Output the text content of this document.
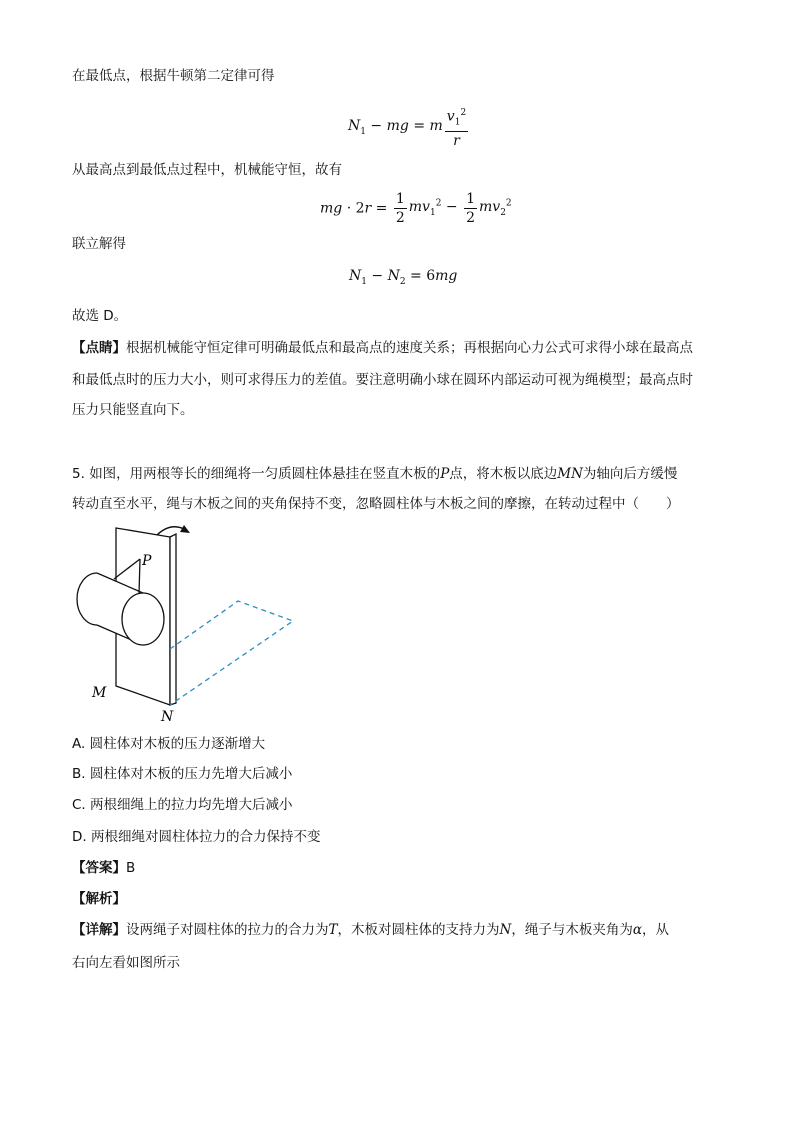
在最低点，根据牛顿第二定律可得
$N_1$ − mg = m $\frac{v_1^2}{r}$
从最高点到最低点过程中，机械能守恒，故有
mg · $2r = \frac{1}{2} mv_1^2 - \frac{1}{2} mv_2^2$
联立解得
$N_1 - N_2 = 6mg$
故选 D。
【点睛】根据机械能守恒定律可明确最低点和最高点的速度关系；再根据向心力公式可求得小球在最高点
和最低点时的压力大小，则可求得压力的差值。要注意明确小球在圆环内部运动可视为绳模型；最高点时
压力只能竖直向下。
5. 如图，用两根等长的细绳将一匀质圆柱体悬挂在竖直木板的P点，将木板以底边MN为轴向后方缓慢
转动直至水平，绳与木板之间的夹角保持不变，忽略圆柱体与木板之间的摩擦，在转动过程中（　　）
P
M
N
A. 圆柱体对木板的压力逐渐增大
B. 圆柱体对木板的压力先增大后减小
C. 两根细绳上的拉力均先增大后减小
D. 两根细绳对圆柱体拉力的合力保持不变
【答案】B
【解析】
【详解】设两绳子对圆柱体的拉力的合力为T，木板对圆柱体的支持力为N，绳子与木板夹角为α，从
右向左看如图所示
